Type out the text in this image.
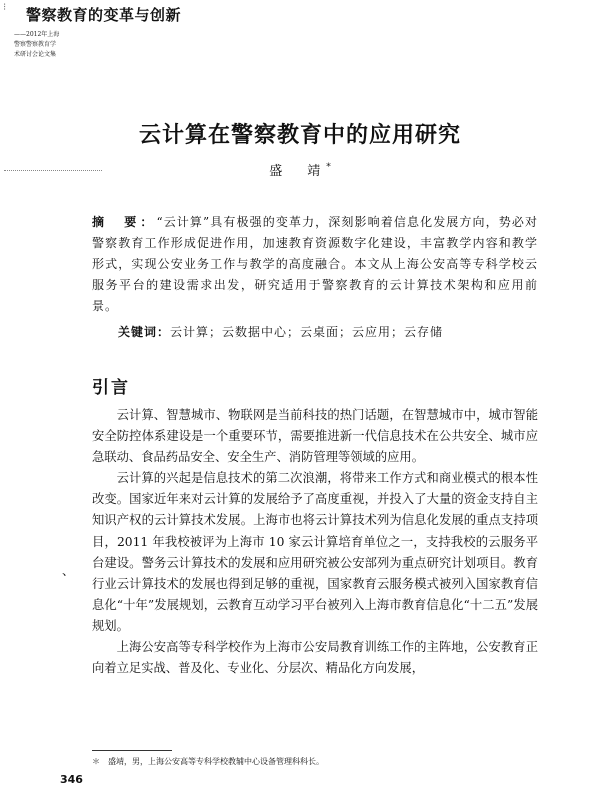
⁝ 警察教育的变革与创新
——2012年上海
警察警察教育学
术研讨会论文集
云计算在警察教育中的应用研究
盛　靖*
摘　要：“云计算”具有极强的变革力，深刻影响着信息化发展方向，势必对警察教育工作形成促进作用，加速教育资源数字化建设，丰富教学内容和教学形式，实现公安业务工作与教学的高度融合。本文从上海公安高等专科学校云服务平台的建设需求出发，研究适用于警察教育的云计算技术架构和应用前景。
关键词：云计算；云数据中心；云桌面；云应用；云存储
引言

云计算、智慧城市、物联网是当前科技的热门话题，在智慧城市中，城市智能安全防控体系建设是一个重要环节，需要推进新一代信息技术在公共安全、城市应急联动、食品药品安全、安全生产、消防管理等领域的应用。

云计算的兴起是信息技术的第二次浪潮，将带来工作方式和商业模式的根本性改变。国家近年来对云计算的发展给予了高度重视，并投入了大量的资金支持自主知识产权的云计算技术发展。上海市也将云计算技术列为信息化发展的重点支持项目，2011 年我校被评为上海市 10 家云计算培育单位之一，支持我校的云服务平台建设。警务云计算技术的发展和应用研究被公安部列为重点研究计划项目。教育行业云计算技术的发展也得到足够的重视，国家教育云服务模式被列入国家教育信息化“十年”发展规划，云教育互动学习平台被列入上海市教育信息化“十二五”发展规划。

上海公安高等专科学校作为上海市公安局教育训练工作的主阵地，公安教育正向着立足实战、普及化、专业化、分层次、精品化方向发展，

、
＊　盛靖，男，上海公安高等专科学校教辅中心设备管理科科长。
346
